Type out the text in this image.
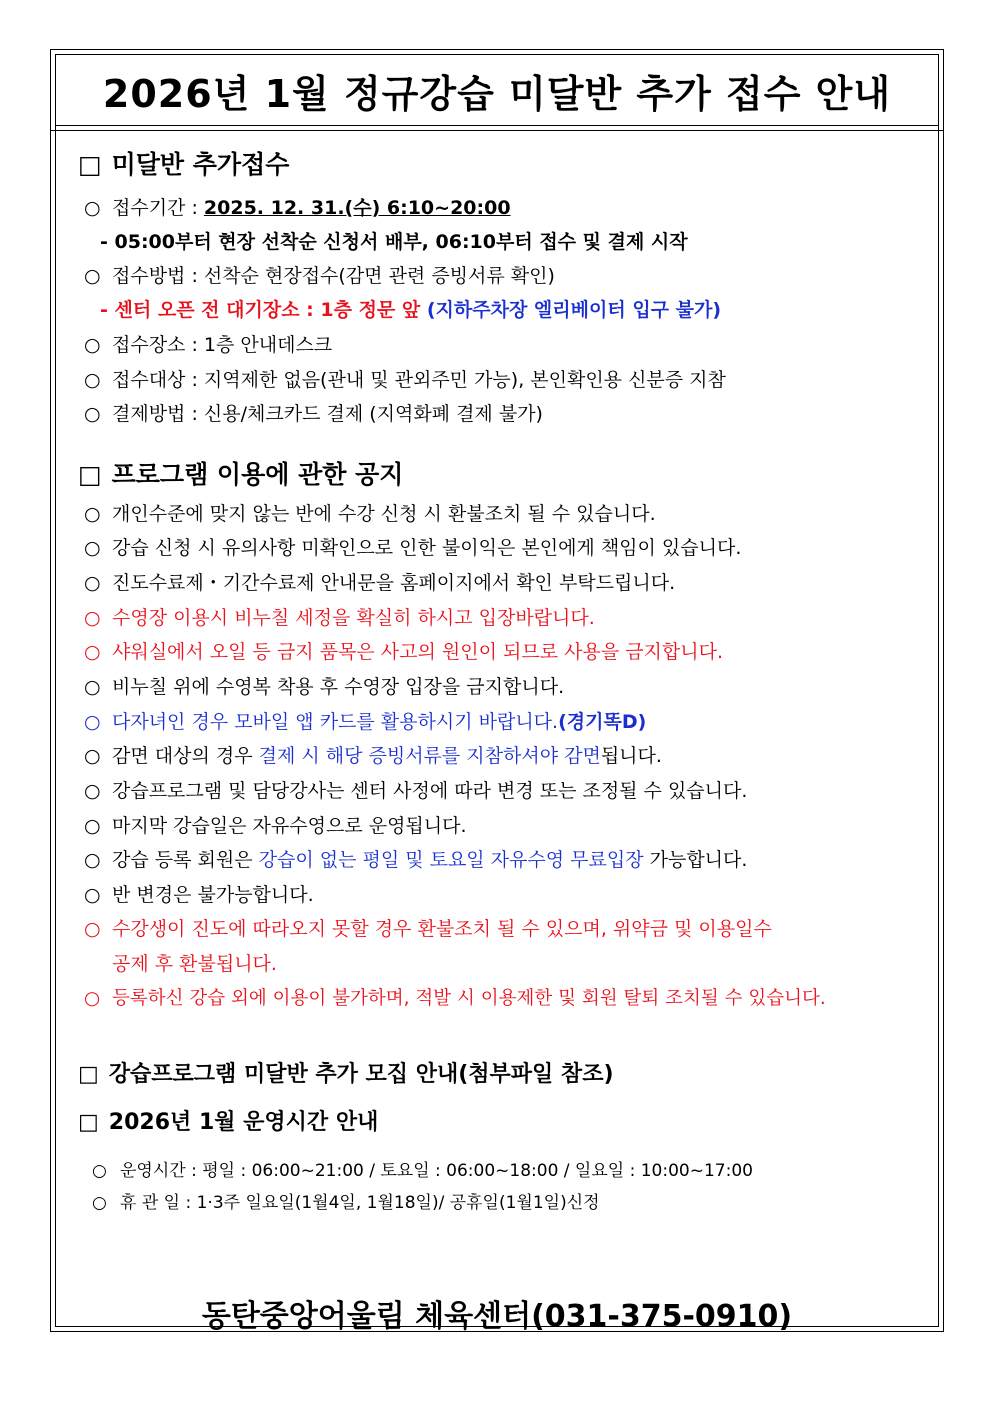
2026년 1월 정규강습 미달반 추가 접수 안내
□ 미달반 추가접수
○ 접수기간 : 2025. 12. 31.(수) 6:10~20:00
- 05:00부터 현장 선착순 신청서 배부, 06:10부터 접수 및 결제 시작
○ 접수방법 : 선착순 현장접수(감면 관련 증빙서류 확인)
- 센터 오픈 전 대기장소 : 1층 정문 앞 (지하주차장 엘리베이터 입구 불가)
○ 접수장소 : 1층 안내데스크
○ 접수대상 : 지역제한 없음(관내 및 관외주민 가능), 본인확인용 신분증 지참
○ 결제방법 : 신용/체크카드 결제 (지역화폐 결제 불가)
□ 프로그램 이용에 관한 공지
○ 개인수준에 맞지 않는 반에 수강 신청 시 환불조치 될 수 있습니다.
○ 강습 신청 시 유의사항 미확인으로 인한 불이익은 본인에게 책임이 있습니다.
○ 진도수료제・기간수료제 안내문을 홈페이지에서 확인 부탁드립니다.
○ 수영장 이용시 비누칠 세정을 확실히 하시고 입장바랍니다.
○ 샤워실에서 오일 등 금지 품목은 사고의 원인이 되므로 사용을 금지합니다.
○ 비누칠 위에 수영복 착용 후 수영장 입장을 금지합니다.
○ 다자녀인 경우 모바일 앱 카드를 활용하시기 바랍니다.(경기똑D)
○ 감면 대상의 경우 결제 시 해당 증빙서류를 지참하셔야 감면됩니다.
○ 강습프로그램 및 담당강사는 센터 사정에 따라 변경 또는 조정될 수 있습니다.
○ 마지막 강습일은 자유수영으로 운영됩니다.
○ 강습 등록 회원은 강습이 없는 평일 및 토요일 자유수영 무료입장 가능합니다.
○ 반 변경은 불가능합니다.
○ 수강생이 진도에 따라오지 못할 경우 환불조치 될 수 있으며, 위약금 및 이용일수
공제 후 환불됩니다.
○ 등록하신 강습 외에 이용이 불가하며, 적발 시 이용제한 및 회원 탈퇴 조치될 수 있습니다.
□ 강습프로그램 미달반 추가 모집 안내(첨부파일 참조)
□ 2026년 1월 운영시간 안내
○ 운영시간 : 평일 : 06:00~21:00 / 토요일 : 06:00~18:00 / 일요일 : 10:00~17:00
○ 휴 관 일 : 1·3주 일요일(1월4일, 1월18일)/ 공휴일(1월1일)신정
동탄중앙어울림 체육센터(031-375-0910)
